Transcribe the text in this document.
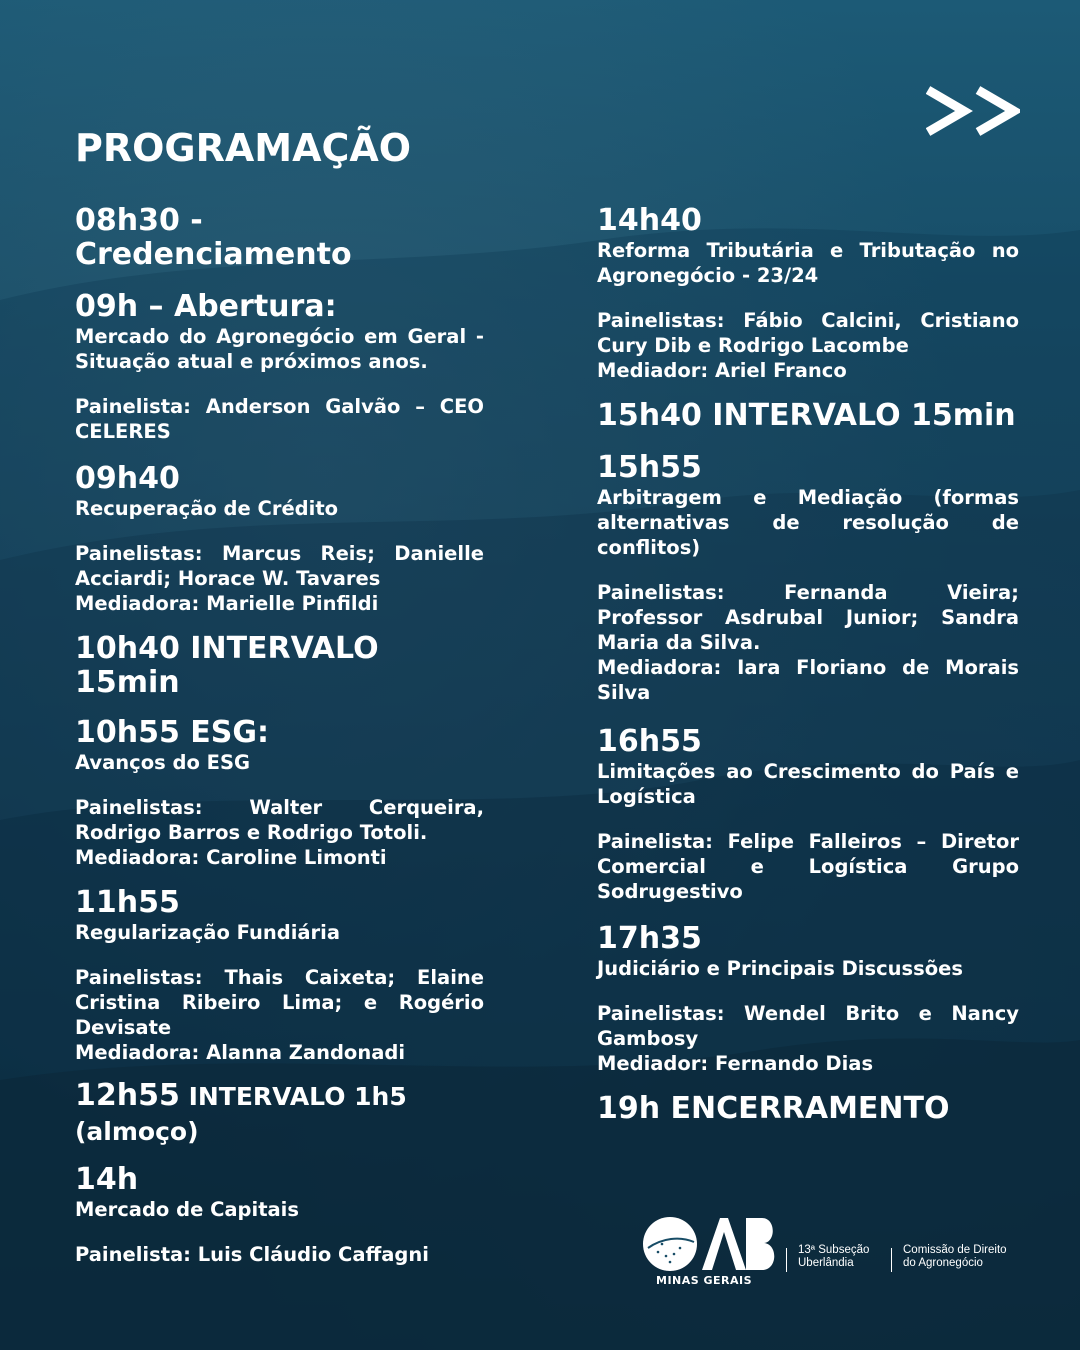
PROGRAMAÇÃO
08h30 - Credenciamento
09h – Abertura:
Mercado do Agronegócio em Geral - Situação atual e próximos anos.
Painelista: Anderson Galvão – CEO CELERES
09h40
Recuperação de Crédito
Painelistas: Marcus Reis; Danielle Acciardi; Horace W. Tavares
Mediadora: Marielle Pinfildi
10h40 INTERVALO 15min
10h55 ESG:
Avanços do ESG
Painelistas: Walter Cerqueira, Rodrigo Barros e Rodrigo Totoli.
Mediadora: Caroline Limonti
11h55
Regularização Fundiária
Painelistas: Thais Caixeta; Elaine Cristina Ribeiro Lima; e Rogério Devisate
Mediadora: Alanna Zandonadi
12h55 INTERVALO 1h5 (almoço)
14h
Mercado de Capitais
Painelista: Luis Cláudio Caffagni
14h40
Reforma Tributária e Tributação no Agronegócio - 23/24
Painelistas: Fábio Calcini, Cristiano Cury Dib e Rodrigo Lacombe
Mediador: Ariel Franco
15h40 INTERVALO 15min
15h55
Arbitragem e Mediação (formas alternativas de resolução de conflitos)
Painelistas: Fernanda Vieira; Professor Asdrubal Junior; Sandra Maria da Silva.
Mediadora: Iara Floriano de Morais Silva
16h55
Limitações ao Crescimento do País e Logística
Painelista: Felipe Falleiros – Diretor Comercial e Logística Grupo Sodrugestivo
17h35
Judiciário e Principais Discussões
Painelistas: Wendel Brito e Nancy Gambosy
Mediador: Fernando Dias
19h ENCERRAMENTO
MINAS GERAIS
13ª Subseção
Uberlândia
Comissão de Direito
do Agronegócio
